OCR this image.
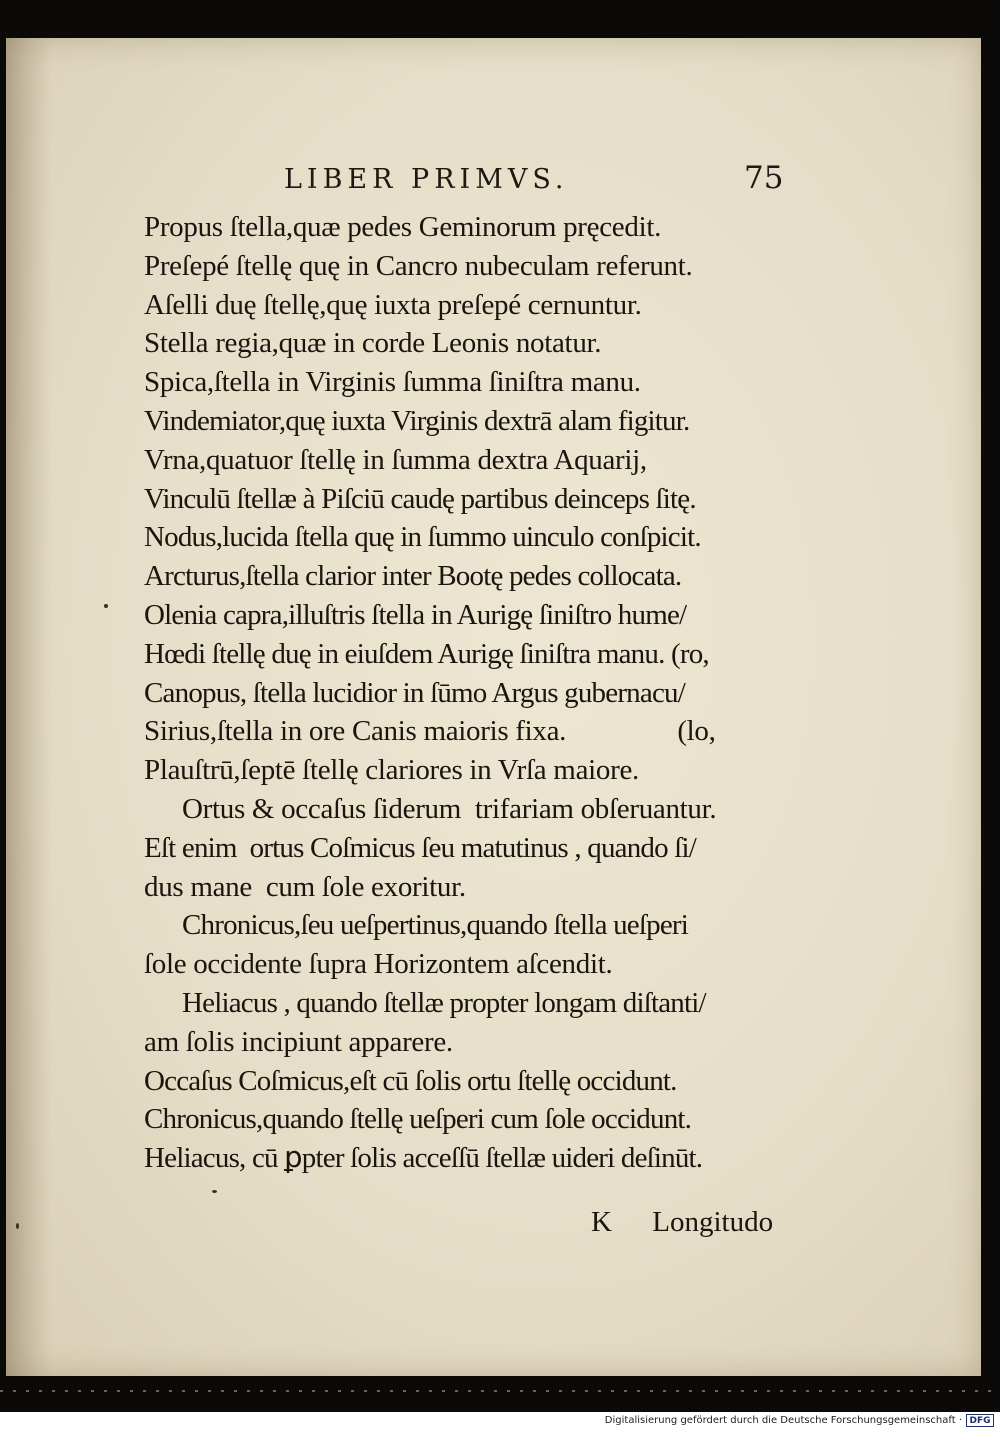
LIBER PRIMVS.	75
Propus ſtella,quæ pedes Geminorum pręcedit.
Preſepé ſtellę quę in Cancro nubeculam referunt.
Aſelli duę ſtellę,quę iuxta preſepé cernuntur.
Stella regia,quæ in corde Leonis notatur.
Spica,ſtella in Virginis ſumma ſiniſtra manu.
Vindemiator,quę iuxta Virginis dextrā alam figitur.
Vrna,quatuor ſtellę in ſumma dextra Aquarij,
Vinculū ſtellæ à Piſciū caudę partibus deinceps ſitę.
Nodus,lucida ſtella quę in ſummo uinculo conſpicit.
Arcturus,ſtella clarior inter Bootę pedes collocata.
Olenia capra,illuſtris ſtella in Aurigę ſiniſtro hume/
Hœdi ſtellę duę in eiuſdem Aurigę ſiniſtra manu. (ro,
Canopus, ſtella lucidior in ſūmo Argus gubernacu/
Sirius,ſtella in ore Canis maioris fixa.                (lo,
Plauſtrū,ſeptē ſtellę clariores in Vrſa maiore.
Ortus & occaſus ſiderum  trifariam obſeruantur.
Eſt enim  ortus Coſmicus ſeu matutinus , quando ſi/
dus mane  cum ſole exoritur.
Chronicus,ſeu ueſpertinus,quando ſtella ueſperi
ſole occidente ſupra Horizontem aſcendit.
Heliacus , quando ſtellæ propter longam diſtanti/
am ſolis incipiunt apparere.
Occaſus Coſmicus,eſt cū ſolis ortu ſtellę occidunt.
Chronicus,quando ſtellę ueſperi cum ſole occidunt.
Heliacus, cū ꝑpter ſolis acceſſū ſtellæ uideri deſinūt.
K Longitudo
Digitalisierung gefördert durch die Deutsche Forschungsgemeinschaft · DFG
